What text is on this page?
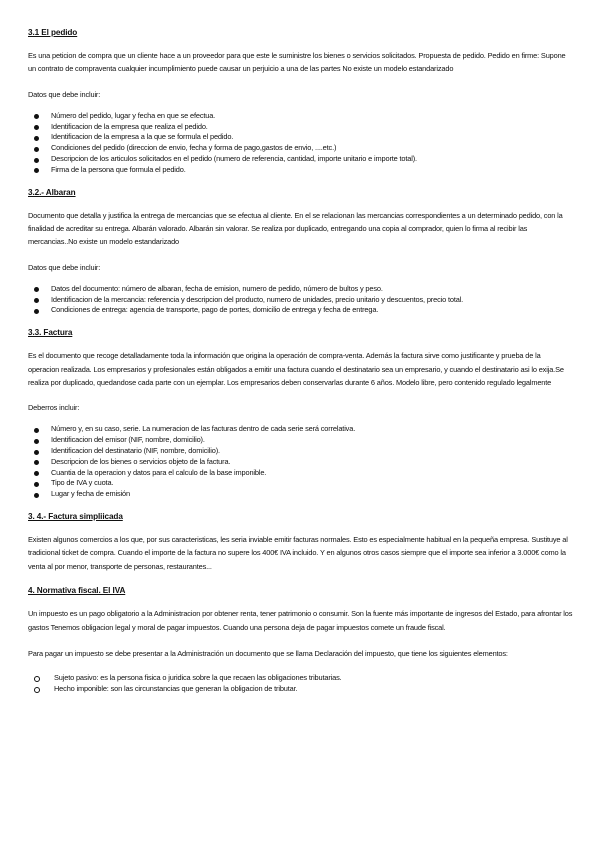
3.1 El pedido
Es una peticion de compra que un cliente hace a un proveedor para que este le suministre los bienes o servicios solicitados. Propuesta de pedido. Pedido en firme: Supone un contrato de compraventa cualquier incumplimiento puede causar un perjuicio a una de las partes No existe un modelo estandarizado
Datos que debe incluir:
Número del pedido, lugar y fecha en que se efectua.
Identificacion de la empresa que realiza el pedido.
Identificacion de la empresa a la que se formula el pedido.
Condiciones del pedido (direccion de envio, fecha y forma de pago,gastos de envio, ....etc.)
Descripcion de los articulos solicitados en el pedido (numero de referencia, cantidad, importe unitario e importe total).
Firma de la persona que formula el pedido.
3.2.- Albaran
Documento que detalla y justifica la entrega de mercancias que se efectua al cliente. En el se relacionan las mercancias correspondientes a un determinado pedido, con la finalidad de acreditar su entrega. Albarán valorado. Albarán sin valorar. Se realiza por duplicado, entregando una copia al comprador, quien lo firma al recibir las mercancias..No existe un modelo estandarizado
Datos que debe incluir:
Datos del documento: número de albaran, fecha de emision, numero de pedido, número de bultos y peso.
Identificacion de la mercancia: referencia y descripcion del producto, numero de unidades, precio unitario y descuentos, precio total.
Condiciones de entrega: agencia de transporte, pago de portes, domicilio de entrega y fecha de entrega.
3.3. Factura
Es el documento que recoge detalladamente toda la información que origina la operación de compra-venta. Además la factura sirve como justificante y prueba de la operacion realizada. Los empresarios y profesionales están obligados a emitir una factura cuando el destinatario sea un empresario, y cuando el destinatario asi lo exija.Se realiza por duplicado, quedandose cada parte con un ejemplar. Los empresarios deben conservarlas durante 6 años. Modelo libre, pero contenido regulado legalmente
Deberros incluir:
Número y, en su caso, serie. La numeracion de las facturas dentro de cada serie será correlativa.
Identificacion del emisor (NIF, nombre, domicilio).
Identificacion del destinatario (NIF, nombre, domicilio).
Descripcion de los bienes o servicios objeto de la factura.
Cuantia de la operacion y datos para el calculo de la base imponible.
Tipo de IVA y cuota.
Lugar y fecha de emisión
3. 4.- Factura simpliicada
Existen algunos comercios a los que, por sus caracteristicas, les seria inviable emitir facturas normales. Esto es especialmente habitual en la pequeña empresa. Sustituye al tradicional ticket de compra. Cuando el importe de la factura no supere los 400€ IVA incluido. Y en algunos otros casos siempre que el importe sea inferior a 3.000€ como la venta al por menor, transporte de personas, restaurantes...
4. Normativa fiscal. El IVA
Un impuesto es un pago obligatorio a la Administracion por obtener renta, tener patrimonio o consumir. Son la fuente más importante de ingresos del Estado, para afrontar los gastos Tenemos obligacion legal y moral de pagar impuestos. Cuando una persona deja de pagar impuestos comete un fraude fiscal.
Para pagar un impuesto se debe presentar a la Administración un documento que se llama Declaración del impuesto, que tiene los siguientes elementos:
Sujeto pasivo: es la persona fisica o juridica sobre la que recaen las obligaciones tributarias.
Hecho imponible: son las circunstancias que generan la obligacion de tributar.
